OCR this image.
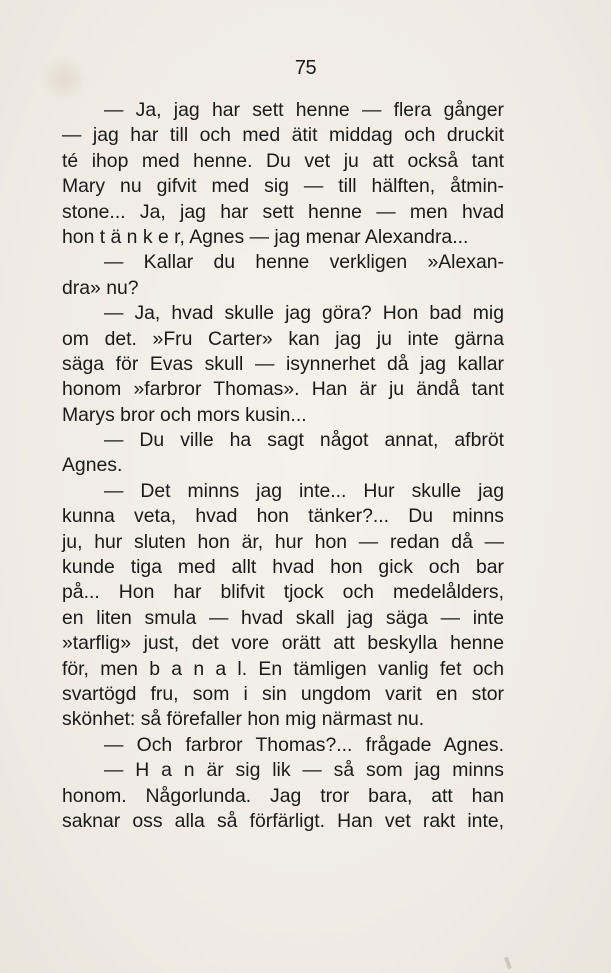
75
— Ja, jag har sett henne — flera gånger
— jag har till och med ätit middag och druckit
té ihop med henne. Du vet ju att också tant
Mary nu gifvit med sig — till hälften, åtmin-
stone... Ja, jag har sett henne — men hvad
hon t ä n k e r, Agnes — jag menar Alexandra...
— Kallar du henne verkligen »Alexan-
dra» nu?
— Ja, hvad skulle jag göra? Hon bad mig
om det. »Fru Carter» kan jag ju inte gärna
säga för Evas skull — isynnerhet då jag kallar
honom »farbror Thomas». Han är ju ändå tant
Marys bror och mors kusin...
— Du ville ha sagt något annat, afbröt
Agnes.
— Det minns jag inte... Hur skulle jag
kunna veta, hvad hon tänker?... Du minns
ju, hur sluten hon är, hur hon — redan då —
kunde tiga med allt hvad hon gick och bar
på... Hon har blifvit tjock och medelålders,
en liten smula — hvad skall jag säga — inte
»tarflig» just, det vore orätt att beskylla henne
för, men b a n a l. En tämligen vanlig fet och
svartögd fru, som i sin ungdom varit en stor
skönhet: så förefaller hon mig närmast nu.
— Och farbror Thomas?... frågade Agnes.
— H a n är sig lik — så som jag minns
honom. Någorlunda. Jag tror bara, att han
saknar oss alla så förfärligt. Han vet rakt inte,
